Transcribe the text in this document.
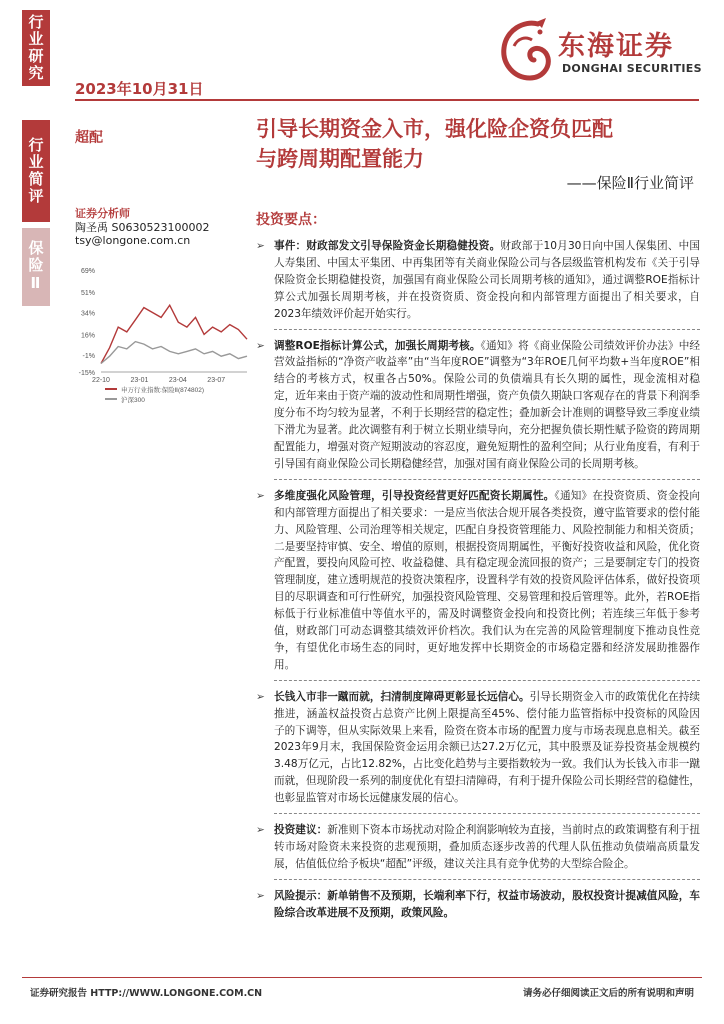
行业研究
行业简评
保险Ⅱ
2023年10月31日
东海证券
DONGHAI SECURITIES
超配
证券分析师
陶圣禹 S0630523100002
tsy@longone.com.cn
69%
51%
34%
16%
-1%
-15%
22-10	23-01	23-04	23-07
申万行业指数:保险Ⅱ(874802)
沪深300
引导长期资金入市，强化险企资负匹配
与跨周期配置能力
——保险Ⅱ行业简评
投资要点：
➢ 事件：财政部发文引导保险资金长期稳健投资。财政部于10月30日向中国人保集团、中国人寿集团、中国太平集团、中再集团等有关商业保险公司与各层级监管机构发布《关于引导保险资金长期稳健投资，加强国有商业保险公司长周期考核的通知》，通过调整ROE指标计算公式加强长周期考核，并在投资资质、资金投向和内部管理方面提出了相关要求，自2023年绩效评价起开始实行。
➢ 调整ROE指标计算公式，加强长周期考核。《通知》将《商业保险公司绩效评价办法》中经营效益指标的“净资产收益率”由“当年度ROE”调整为“3年ROE几何平均数+当年度ROE”相结合的考核方式，权重各占50%。保险公司的负债端具有长久期的属性，现金流相对稳定，近年来由于资产端的波动性和周期性增强，资产负债久期缺口客观存在的背景下利润季度分布不均匀较为显著，不利于长期经营的稳定性；叠加新会计准则的调整导致三季度业绩下滑尤为显著。此次调整有利于树立长期业绩导向，充分把握负债长期性赋予险资的跨周期配置能力，增强对资产短期波动的容忍度，避免短期性的盈利空间；从行业角度看，有利于引导国有商业保险公司长期稳健经营，加强对国有商业保险公司的长周期考核。
➢ 多维度强化风险管理，引导投资经营更好匹配资长期属性。《通知》在投资资质、资金投向和内部管理方面提出了相关要求：一是应当依法合规开展各类投资，遵守监管要求的偿付能力、风险管理、公司治理等相关规定，匹配自身投资管理能力、风险控制能力和相关资质；二是要坚持审慎、安全、增值的原则，根据投资周期属性，平衡好投资收益和风险，优化资产配置，要投向风险可控、收益稳健、具有稳定现金流回报的资产；三是要制定专门的投资管理制度，建立透明规范的投资决策程序，设置科学有效的投资风险评估体系，做好投资项目的尽职调查和可行性研究，加强投资风险管理、交易管理和投后管理等。此外，若ROE指标低于行业标准值中等值水平的，需及时调整资金投向和投资比例；若连续三年低于参考值，财政部门可动态调整其绩效评价档次。我们认为在完善的风险管理制度下推动良性竞争，有望优化市场生态的同时，更好地发挥中长期资金的市场稳定器和经济发展助推器作用。
➢ 长钱入市非一蹴而就，扫清制度障碍更彰显长远信心。引导长期资金入市的政策优化在持续推进，涵盖权益投资占总资产比例上限提高至45%、偿付能力监管指标中投资标的风险因子的下调等，但从实际效果上来看，险资在资本市场的配置力度与市场表现息息相关。截至2023年9月末，我国保险资金运用余额已达27.2万亿元，其中股票及证券投资基金规模约3.48万亿元，占比12.82%，占比变化趋势与主要指数较为一致。我们认为长钱入市非一蹴而就，但现阶段一系列的制度优化有望扫清障碍，有利于提升保险公司长期经营的稳健性，也彰显监管对市场长远健康发展的信心。
➢ 投资建议：新准则下资本市场扰动对险企利润影响较为直接，当前时点的政策调整有利于扭转市场对险资未来投资的悲观预期，叠加质态逐步改善的代理人队伍推动负债端高质量发展，估值低位给予板块“超配”评级，建议关注具有竞争优势的大型综合险企。
➢ 风险提示：新单销售不及预期，长端利率下行，权益市场波动，股权投资计提减值风险，车险综合改革进展不及预期，政策风险。
证券研究报告 HTTP://WWW.LONGONE.COM.CN	请务必仔细阅读正文后的所有说明和声明
